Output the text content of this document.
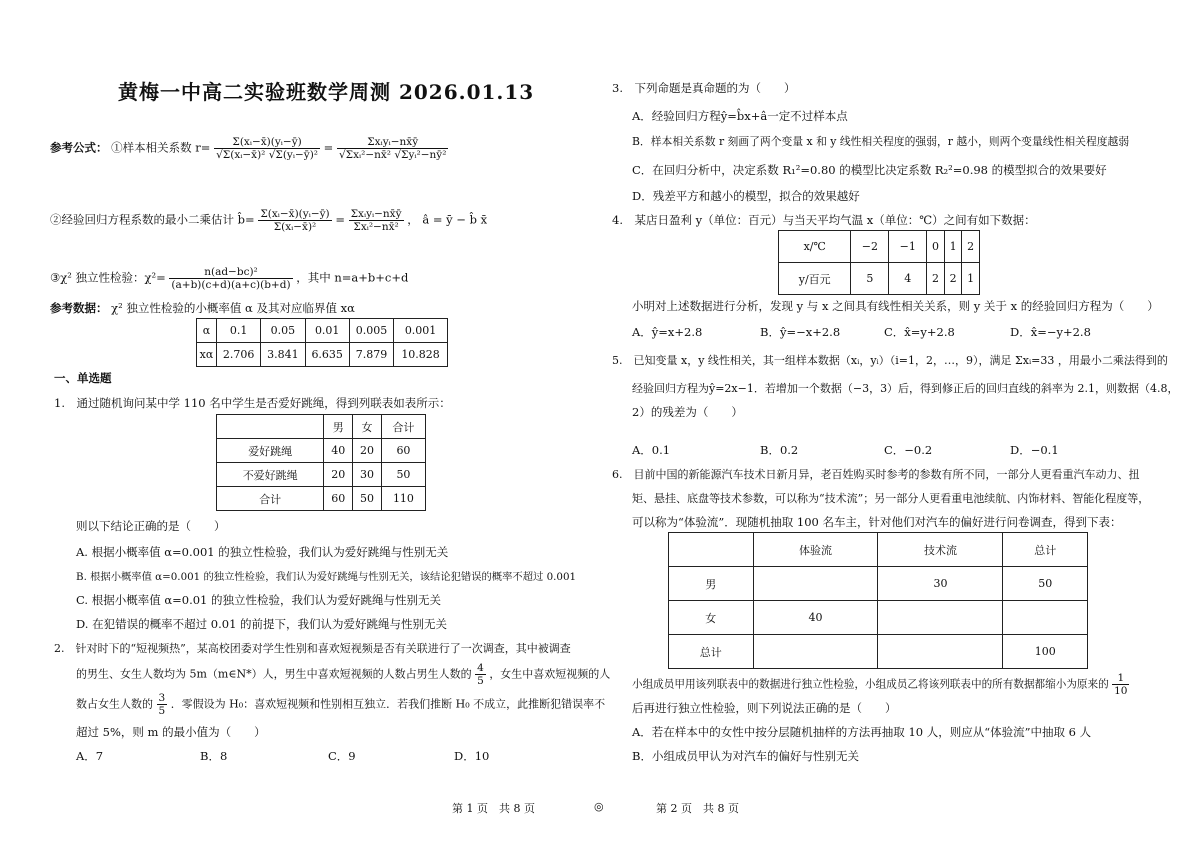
黄梅一中高二实验班数学周测 2026.01.13
参考公式： ①样本相关系数 $r= \frac{\text{Σ(xᵢ−x̄)(yᵢ−ȳ)}}{\text{√Σ(xᵢ−x̄)² √Σ(yᵢ−ȳ)²}} = \frac{\text{Σxᵢyᵢ−nx̄ȳ}}{\text{√Σxᵢ²−nx̄² √Σyᵢ²−nȳ²}}$
②经验回归方程系数的最小二乘估计 b̂= $\frac{\text{Σ(xᵢ−x̄)(yᵢ−ȳ)}}{\text{Σ(xᵢ−x̄)²}} = \frac{\text{Σxᵢyᵢ−nx̄ȳ}}{\text{Σxᵢ²−nx̄²}}$ ， â = ȳ − b̂ x̄
③χ² 独立性检验：$\chi^2= \frac{\text{n(ad−bc)²}}{(a+b)(c+d)(a+c)(b+d)}$ ，其中 n=a+b+c+d
参考数据： χ² 独立性检验的小概率值 α 及其对应临界值 xα
α	0.1	0.05	0.01	0.005	0.001
xα	2.706	3.841	6.635	7.879	10.828
一、单选题
1.　通过随机询问某中学 110 名中学生是否爱好跳绳，得到列联表如表所示：
	男	女	合计
爱好跳绳	40	20	60
不爱好跳绳	20	30	50
合计	60	50	110
则以下结论正确的是（　　）
A. 根据小概率值 α=0.001 的独立性检验，我们认为爱好跳绳与性别无关
B. 根据小概率值 α=0.001 的独立性检验，我们认为爱好跳绳与性别无关，该结论犯错误的概率不超过 0.001
C. 根据小概率值 α=0.01 的独立性检验，我们认为爱好跳绳与性别无关
D. 在犯错误的概率不超过 0.01 的前提下，我们认为爱好跳绳与性别无关
2.　针对时下的“短视频热”，某高校团委对学生性别和喜欢短视频是否有关联进行了一次调查，其中被调查
的男生、女生人数均为 5m（m∈N*）人，男生中喜欢短视频的人数占男生人数的 $\frac{4}{5}$ ，女生中喜欢短视频的人
数占女生人数的 $\frac{3}{5}$ ．零假设为 H₀：喜欢短视频和性别相互独立．若我们推断 H₀ 不成立，此推断犯错误率不
超过 5%，则 m 的最小值为（　　）
A．7	B．8	C．9	D．10
3.　下列命题是真命题的为（　　）
A．经验回归方程ŷ=b̂x+â一定不过样本点
B．样本相关系数 r 刻画了两个变量 x 和 y 线性相关程度的强弱，r 越小，则两个变量线性相关程度越弱
C．在回归分析中，决定系数 R₁²=0.80 的模型比决定系数 R₂²=0.98 的模型拟合的效果要好
D．残差平方和越小的模型，拟合的效果越好
4.　某店日盈利 y（单位：百元）与当天平均气温 x（单位：℃）之间有如下数据：
x/℃	−2	−1	0	1	2
y/百元	5	4	2	2	1
小明对上述数据进行分析，发现 y 与 x 之间具有线性相关关系，则 y 关于 x 的经验回归方程为（　　）
A．ŷ=x+2.8	B．ŷ=−x+2.8	C．x̂=y+2.8	D．x̂=−y+2.8
5.　已知变量 x，y 线性相关，其一组样本数据（xᵢ，yᵢ）（i=1，2，…，9），满足 Σxᵢ=33 ，用最小二乘法得到的
经验回归方程为ŷ=2x−1．若增加一个数据（−3，3）后，得到修正后的回归直线的斜率为 2.1，则数据（4.8，
2）的残差为（　　）
A．0.1	B．0.2	C．−0.2	D．−0.1
6.　目前中国的新能源汽车技术日新月异，老百姓购买时参考的参数有所不同，一部分人更看重汽车动力、扭
矩、悬挂、底盘等技术参数，可以称为“技术流”；另一部分人更看重电池续航、内饰材料、智能化程度等，
可以称为“体验流”．现随机抽取 100 名车主，针对他们对汽车的偏好进行问卷调查，得到下表：
	体验流	技术流	总计
男		30	50
女	40		
总计			100
小组成员甲用该列联表中的数据进行独立性检验，小组成员乙将该列联表中的所有数据都缩小为原来的 $\frac{1}{10}$
后再进行独立性检验，则下列说法正确的是（　　）
A．若在样本中的女性中按分层随机抽样的方法再抽取 10 人，则应从“体验流”中抽取 6 人
B．小组成员甲认为对汽车的偏好与性别无关
第 1 页　共 8 页	◎	第 2 页　共 8 页
